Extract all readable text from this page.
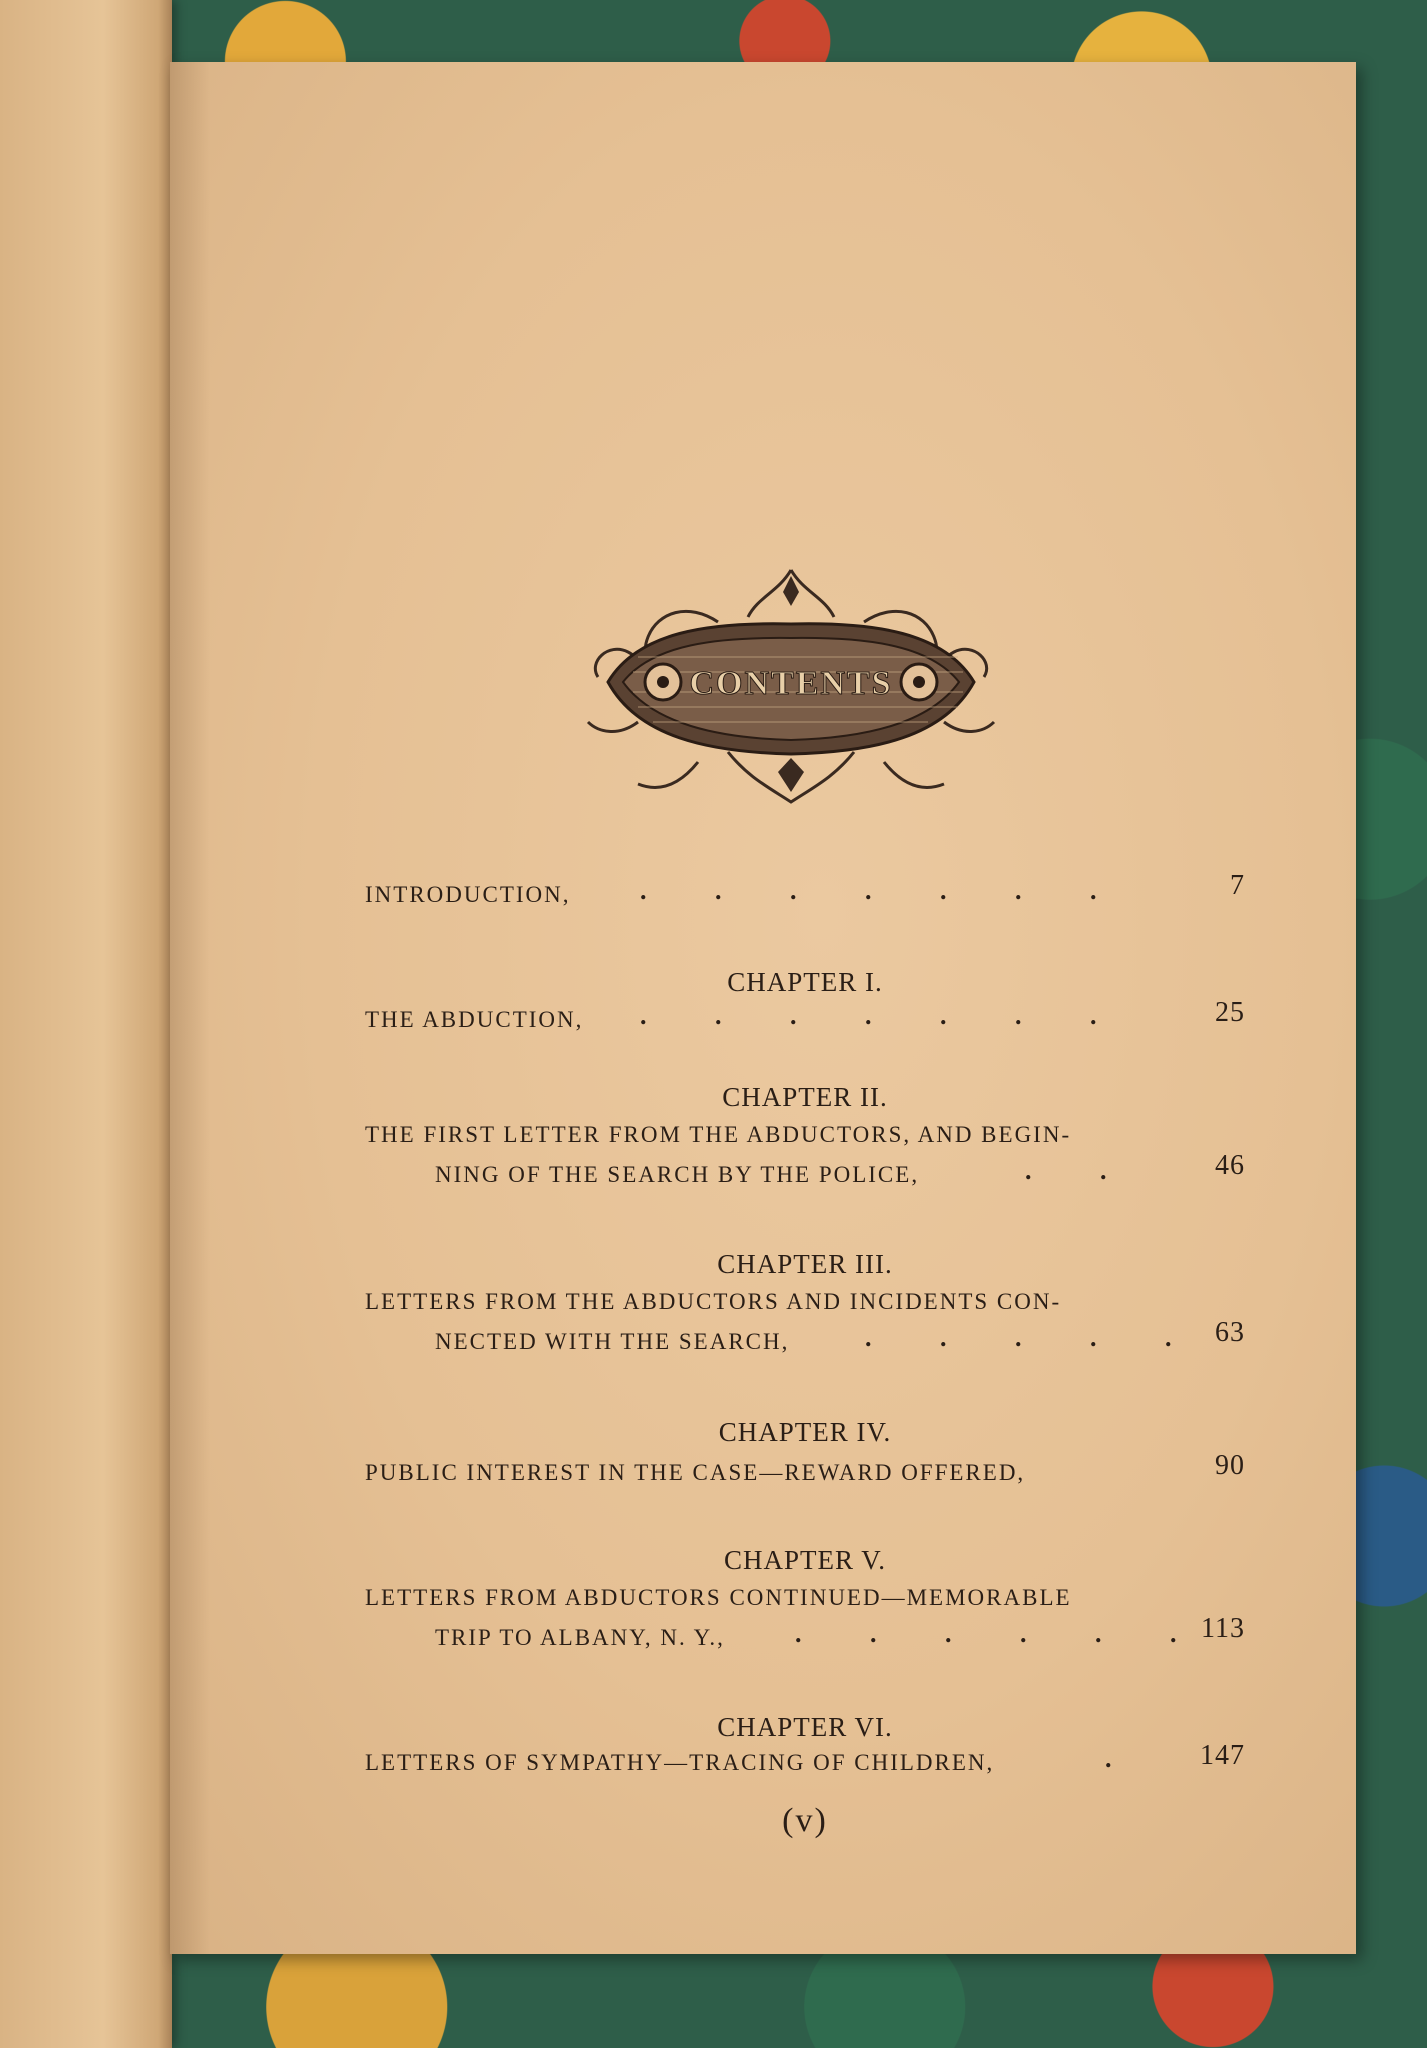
CONTENTS
INTRODUCTION,	. . . . . . .	7
CHAPTER I.
THE ABDUCTION, . . . . . . .	25
CHAPTER II.
THE FIRST LETTER FROM THE ABDUCTORS, AND BEGIN-
NING OF THE SEARCH BY THE POLICE,	. .	46
CHAPTER III.
LETTERS FROM THE ABDUCTORS AND INCIDENTS CON-
NECTED WITH THE SEARCH,	. . . . .	63
CHAPTER IV.
PUBLIC INTEREST IN THE CASE—REWARD OFFERED,	90
CHAPTER V.
LETTERS FROM ABDUCTORS CONTINUED—MEMORABLE
TRIP TO ALBANY, N. Y.,	. . . . . . 113
CHAPTER VI.
LETTERS OF SYMPATHY—TRACING OF CHILDREN,	.	147
(v)
